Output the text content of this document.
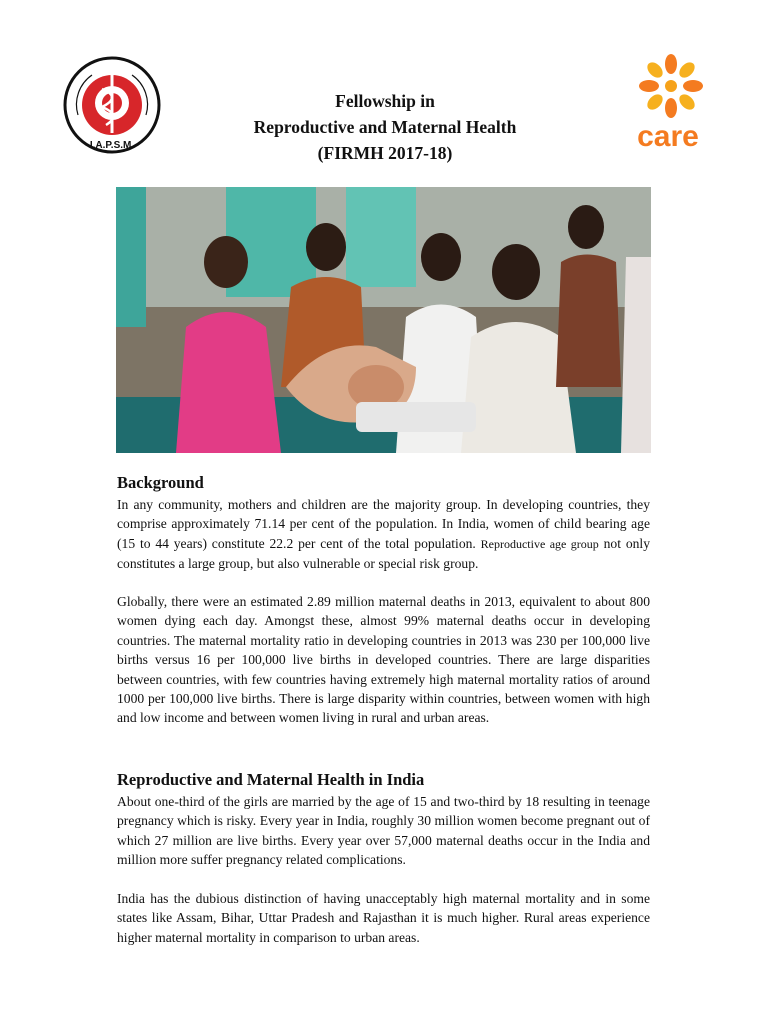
I.A.P.S.M.
Fellowship in
Reproductive and Maternal Health
(FIRMH 2017-18)	care
Background

In any community, mothers and children are the majority group. In developing countries, they comprise approximately 71.14 per cent of the population. In India, women of child bearing age (15 to 44 years) constitute 22.2 per cent of the total population. Reproductive age group not only constitutes a large group, but also vulnerable or special risk group.

Globally, there were an estimated 2.89 million maternal deaths in 2013, equivalent to about 800 women dying each day. Amongst these, almost 99% maternal deaths occur in developing countries. The maternal mortality ratio in developing countries in 2013 was 230 per 100,000 live births versus 16 per 100,000 live births in developed countries. There are large disparities between countries, with few countries having extremely high maternal mortality ratios of around 1000 per 100,000 live births. There is large disparity within countries, between women with high and low income and between women living in rural and urban areas.

Reproductive and Maternal Health in India

About one-third of the girls are married by the age of 15 and two-third by 18 resulting in teenage pregnancy which is risky. Every year in India, roughly 30 million women become pregnant out of which 27 million are live births. Every year over 57,000 maternal deaths occur in the India and million more suffer pregnancy related complications.

India has the dubious distinction of having unacceptably high maternal mortality and in some states like Assam, Bihar, Uttar Pradesh and Rajasthan it is much higher. Rural areas experience higher maternal mortality in comparison to urban areas.
